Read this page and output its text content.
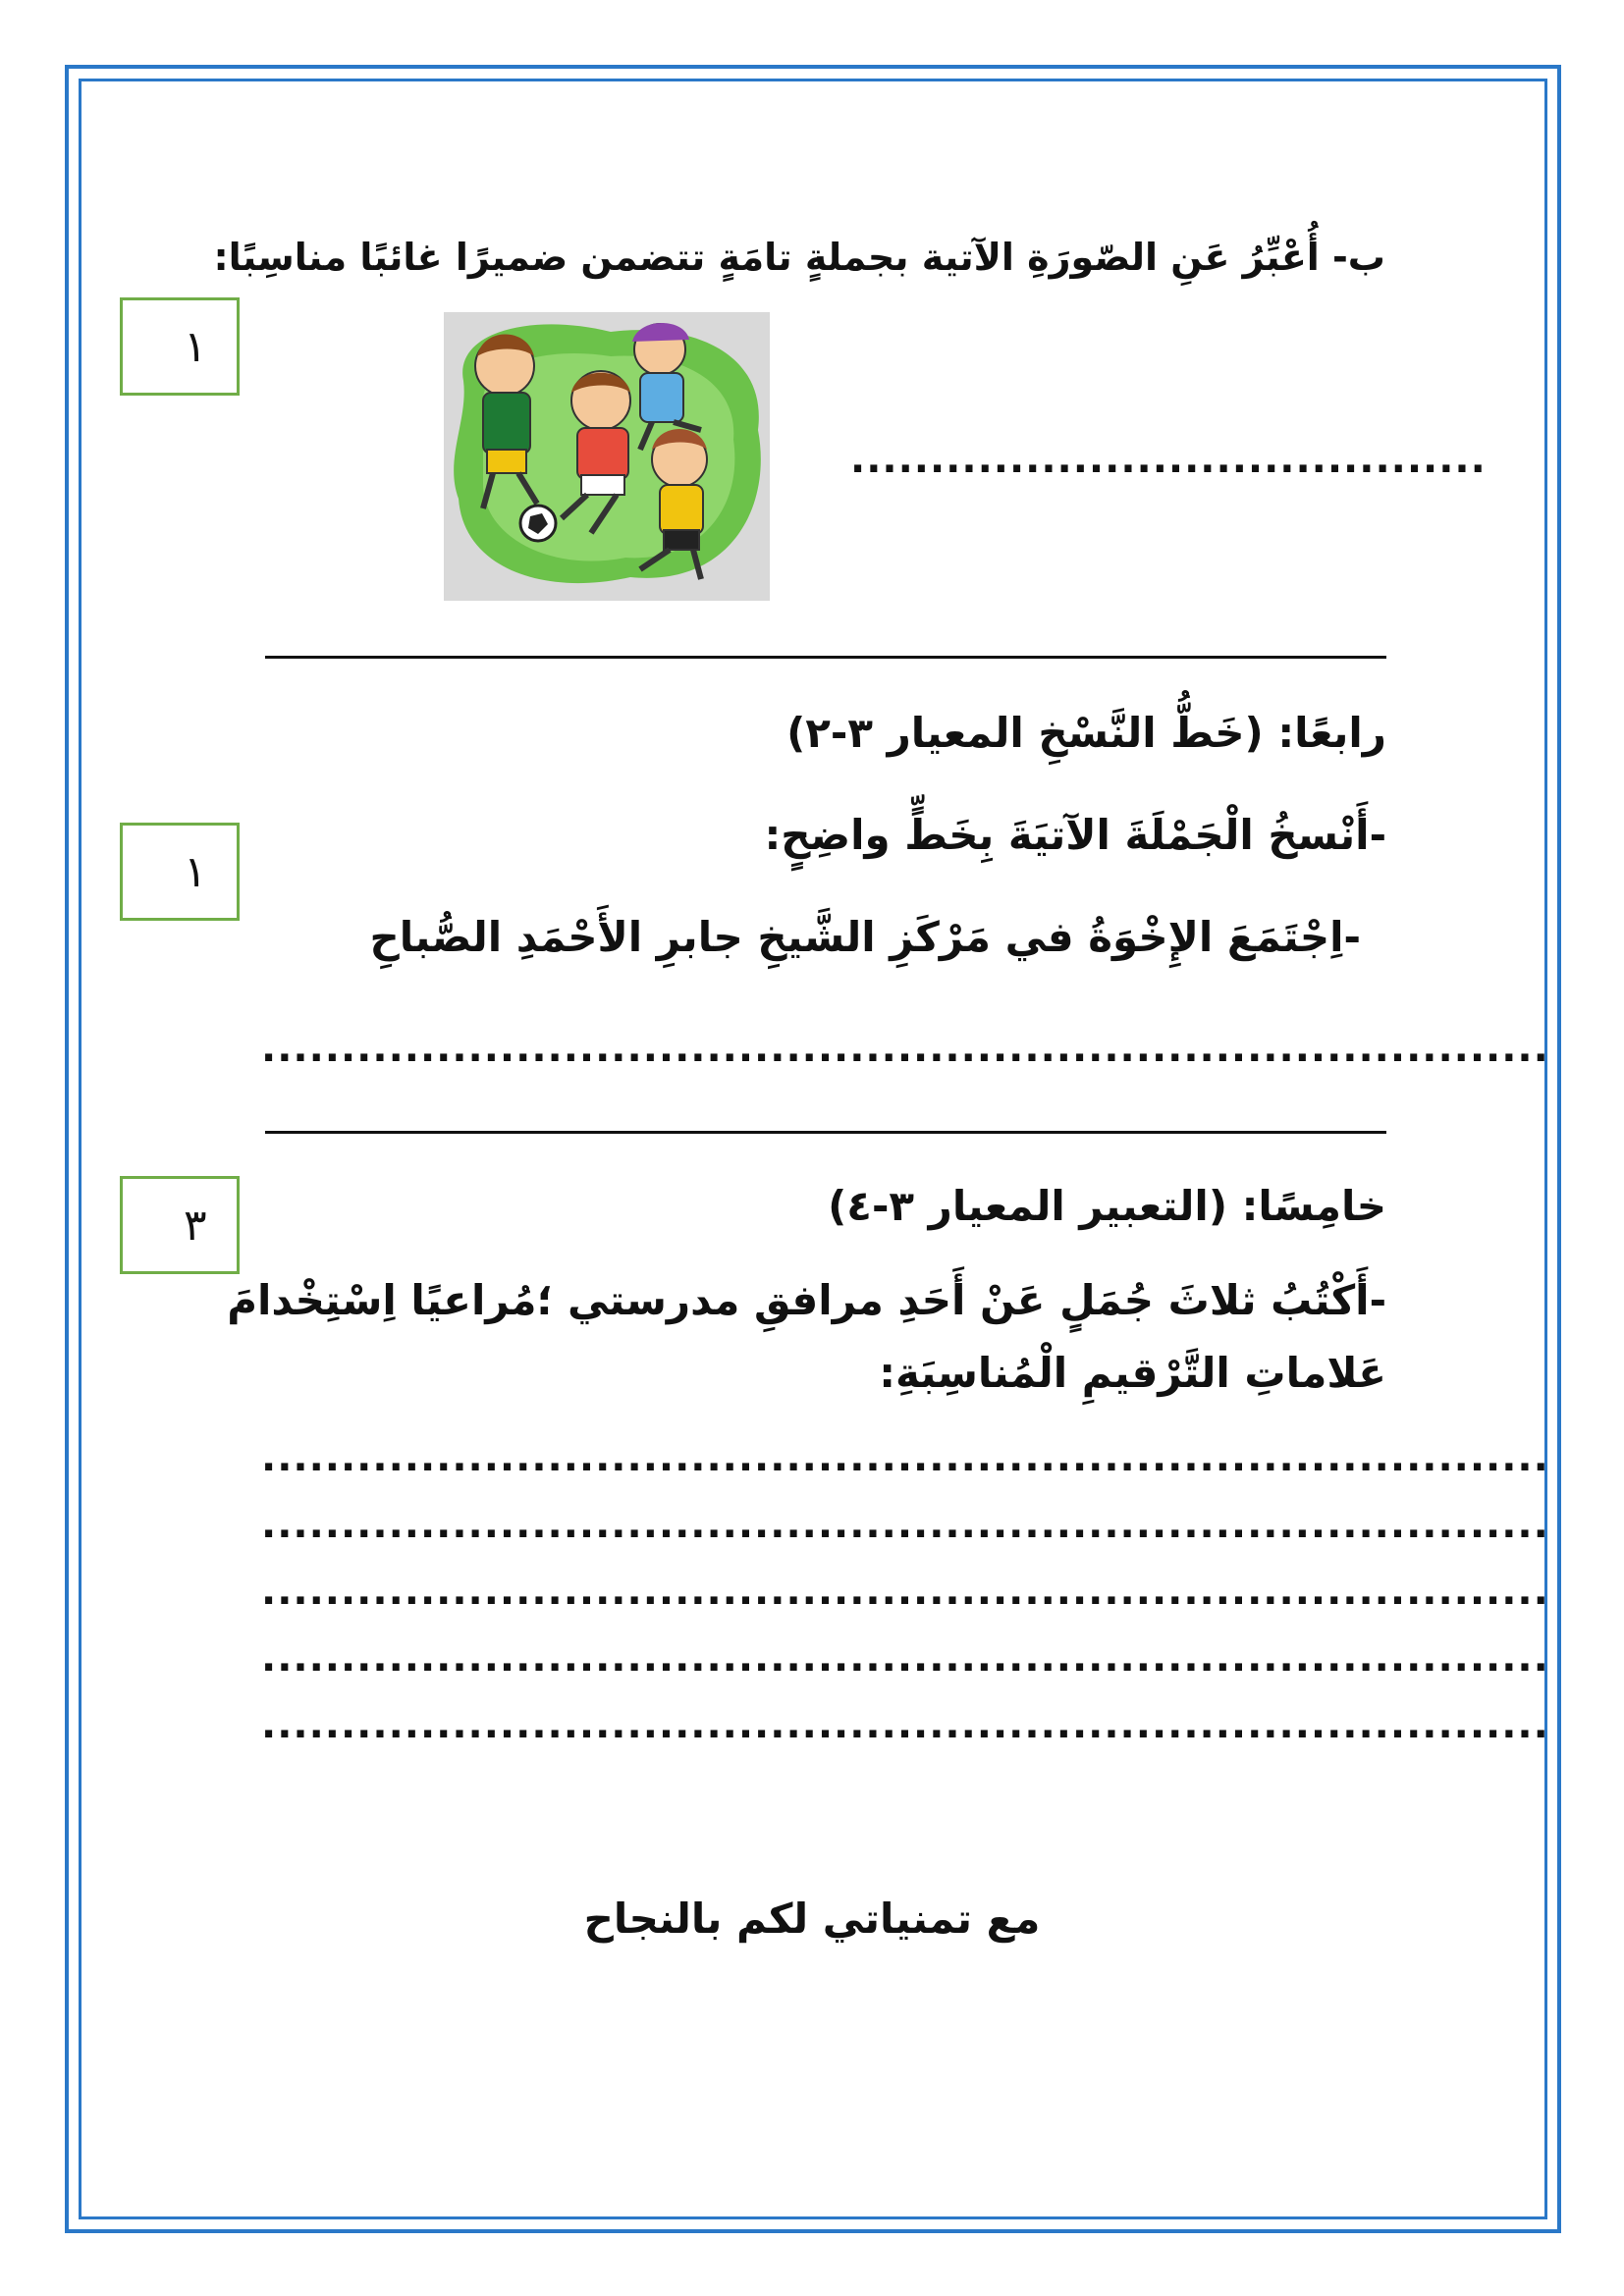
ب- أُعْبِّرُ عَنِ الصّورَةِ الآتية بجملةٍ تامَةٍ تتضمن ضميرًا غائبًا مناسِبًا:
١
........................................
رابعًا: (خَطُّ النَّسْخِ المعيار ٣-٢)
١
-أَنْسخُ الْجَمْلَةَ الآتيَةَ بِخَطٍّ واضِحٍ:
-اِجْتَمَعَ الإِخْوَةُ في مَرْكَزِ الشَّيخِ جابرِ الأَحْمَدِ الصُّباحِ
.................................................................................
خامِسًا: (التعبير المعيار ٣-٤)
٣
-أَكْتُبُ ثلاثَ جُمَلٍ عَنْ أَحَدِ مرافقِ مدرستي ؛مُراعيًا اِسْتِخْدامَ
عَلاماتِ التَّرْقيمِ الْمُناسِبَةِ:
.................................................................................
.................................................................................
.................................................................................
.................................................................................
.................................................................................
مع تمنياتي لكم بالنجاح
